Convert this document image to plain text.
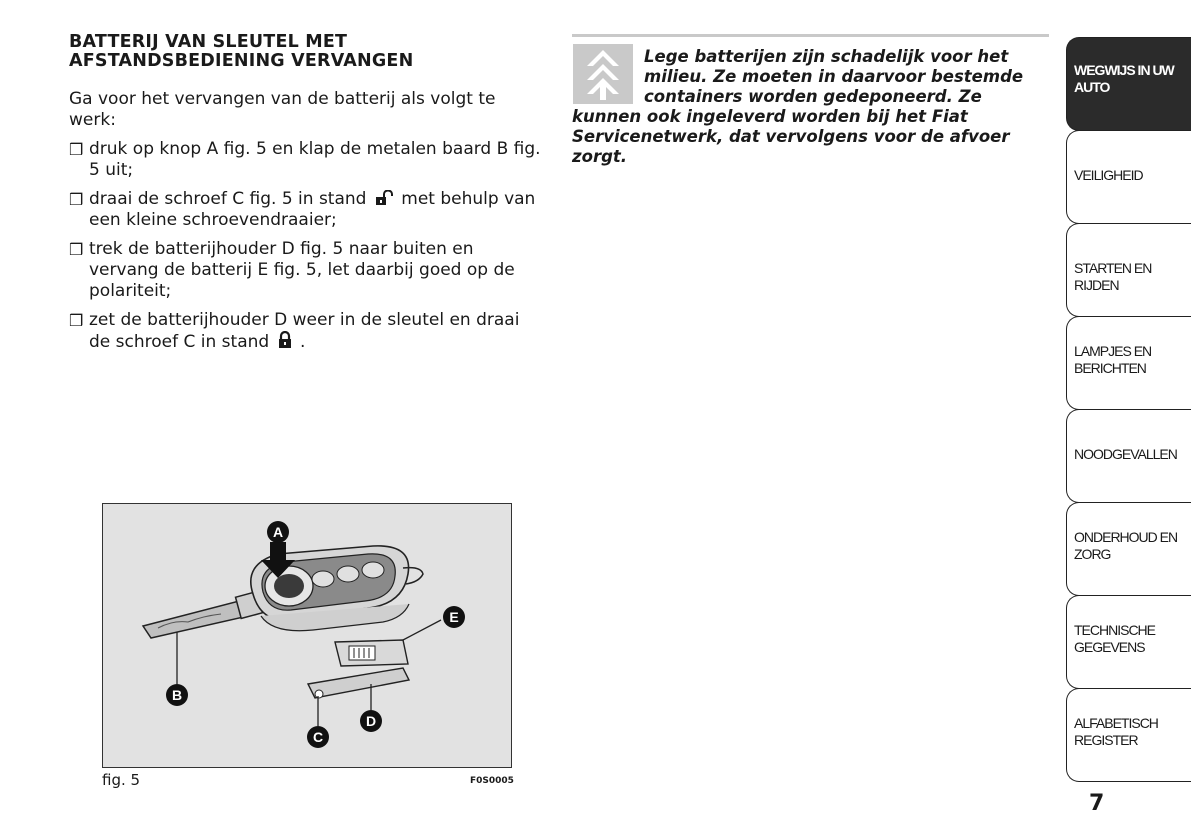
BATTERIJ VAN SLEUTEL MET AFSTANDSBEDIENING VERVANGEN
Ga voor het vervangen van de batterij als volgt te werk:
❒ druk op knop A fig. 5 en klap de metalen baard B fig. 5 uit;
❒ draai de schroef C fig. 5 in stand met behulp van een kleine schroevendraaier;
❒ trek de batterijhouder D fig. 5 naar buiten en vervang de batterij E fig. 5, let daarbij goed op de polariteit;
❒ zet de batterijhouder D weer in de sleutel en draai de schroef C in stand .
A
B
C
D
E
fig. 5	F0S0005
Lege batterijen zijn schadelijk voor het
milieu. Ze moeten in daarvoor bestemde
containers worden gedeponeerd. Ze
kunnen ook ingeleverd worden bij het Fiat
Servicenetwerk, dat vervolgens voor de afvoer
zorgt.
WEGWIJS IN UW
AUTO
VEILIGHEID
STARTEN EN RIJDEN
LAMPJES EN
BERICHTEN
NOODGEVALLEN
ONDERHOUD EN
ZORG
TECHNISCHE
GEGEVENS
ALFABETISCH
REGISTER
7
